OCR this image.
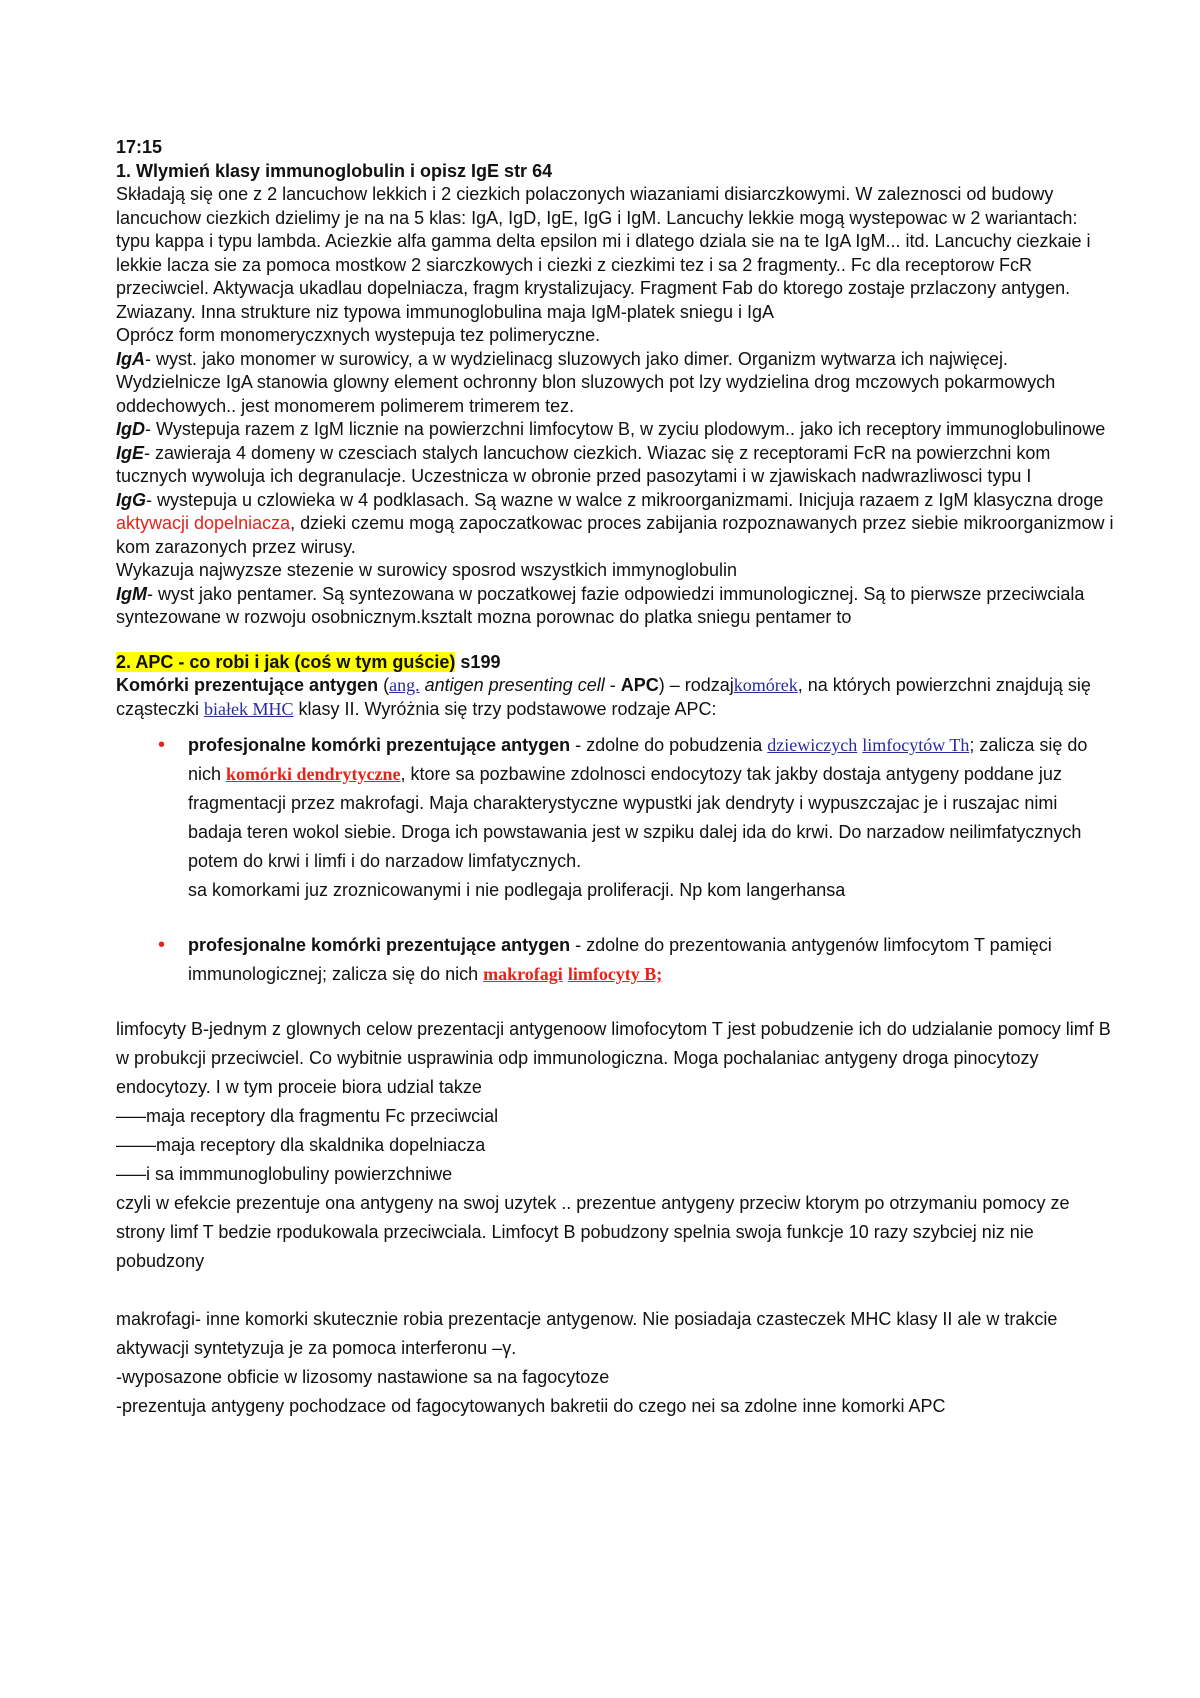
17:15

1. Wlymień klasy immunoglobulin i opisz IgE str 64

Składają się one z 2 lancuchow lekkich i 2 ciezkich polaczonych wiazaniami disiarczkowymi. W zaleznosci od budowy lancuchow ciezkich dzielimy je na na 5 klas: IgA, IgD, IgE, IgG i IgM. Lancuchy lekkie mogą wystepowac w 2 wariantach: typu kappa i typu lambda. Aciezkie alfa gamma delta epsilon mi i dlatego dziala sie na te IgA IgM... itd. Lancuchy ciezkaie i lekkie lacza sie za pomoca mostkow 2 siarczkowych i ciezki z ciezkimi tez i sa 2 fragmenty.. Fc dla receptorow FcR przeciwciel. Aktywacja ukadlau dopelniacza, fragm krystalizujacy. Fragment Fab do ktorego zostaje przlaczony antygen. Zwiazany. Inna strukture niz typowa immunoglobulina maja IgM-platek sniegu i IgA

Oprócz form monomeryczxnych wystepuja tez polimeryczne.

IgA- wyst. jako monomer w surowicy, a w wydzielinacg sluzowych jako dimer. Organizm wytwarza ich najwięcej. Wydzielnicze IgA stanowia glowny element ochronny blon sluzowych pot lzy wydzielina drog mczowych pokarmowych oddechowych.. jest monomerem polimerem trimerem tez.

IgD- Wystepuja razem z IgM licznie na powierzchni limfocytow B, w zyciu plodowym.. jako ich receptory immunoglobulinowe

IgE- zawieraja 4 domeny w czesciach stalych lancuchow ciezkich. Wiazac się z receptorami FcR na powierzchni kom tucznych wywoluja ich degranulacje. Uczestnicza w obronie przed pasozytami i w zjawiskach nadwrazliwosci typu I

IgG- wystepuja u czlowieka w 4 podklasach. Są wazne w walce z mikroorganizmami. Inicjuja razaem z IgM klasyczna droge aktywacji dopelniacza, dzieki czemu mogą zapoczatkowac proces zabijania rozpoznawanych przez siebie mikroorganizmow i kom zarazonych przez wirusy.

Wykazuja najwyzsze stezenie w surowicy sposrod wszystkich immynoglobulin

IgM- wyst jako pentamer. Są syntezowana w poczatkowej fazie odpowiedzi immunologicznej. Są to pierwsze przeciwciala syntezowane w rozwoju osobnicznym.ksztalt mozna porownac do platka sniegu pentamer to

2. APC - co robi i jak (coś w tym guście) s199

Komórki prezentujące antygen (ang. antigen presenting cell - APC) – rodzajkomórek, na których powierzchni znajdują się cząsteczki białek MHC klasy II. Wyróżnia się trzy podstawowe rodzaje APC:

• profesjonalne komórki prezentujące antygen - zdolne do pobudzenia dziewiczych limfocytów Th; zalicza się do nich komórki dendrytyczne, ktore sa pozbawine zdolnosci endocytozy tak jakby dostaja antygeny poddane juz fragmentacji przez makrofagi. Maja charakterystyczne wypustki jak dendryty i wypuszczajac je i ruszajac nimi badaja teren wokol siebie. Droga ich powstawania jest w szpiku dalej ida do krwi. Do narzadow neilimfatycznych potem do krwi i limfi i do narzadow limfatycznych.
sa komorkami juz zroznicowanymi i nie podlegaja proliferacji. Np kom langerhansa
• profesjonalne komórki prezentujące antygen - zdolne do prezentowania antygenów limfocytom T pamięci immunologicznej; zalicza się do nich makrofagi limfocyty B;

limfocyty B-jednym z glownych celow prezentacji antygenoow limofocytom T jest pobudzenie ich do udzialanie pomocy limf B w probukcji przeciwciel. Co wybitnie usprawinia odp immunologiczna. Moga pochalaniac antygeny droga pinocytozy endocytozy. I w tym proceie biora udzial takze

–––maja receptory dla fragmentu Fc przeciwcial

––––maja receptory dla skaldnika dopelniacza

–––i sa immmunoglobuliny powierzchniwe

czyli w efekcie prezentuje ona antygeny na swoj uzytek .. prezentue antygeny przeciw ktorym po otrzymaniu pomocy ze strony limf T bedzie rpodukowala przeciwciala. Limfocyt B pobudzony spelnia swoja funkcje 10 razy szybciej niz nie pobudzony

makrofagi- inne komorki skutecznie robia prezentacje antygenow. Nie posiadaja czasteczek MHC klasy II ale w trakcie aktywacji syntetyzuja je za pomoca interferonu –γ.

-wyposazone obficie w lizosomy nastawione sa na fagocytoze

-prezentuja antygeny pochodzace od fagocytowanych bakretii do czego nei sa zdolne inne komorki APC
